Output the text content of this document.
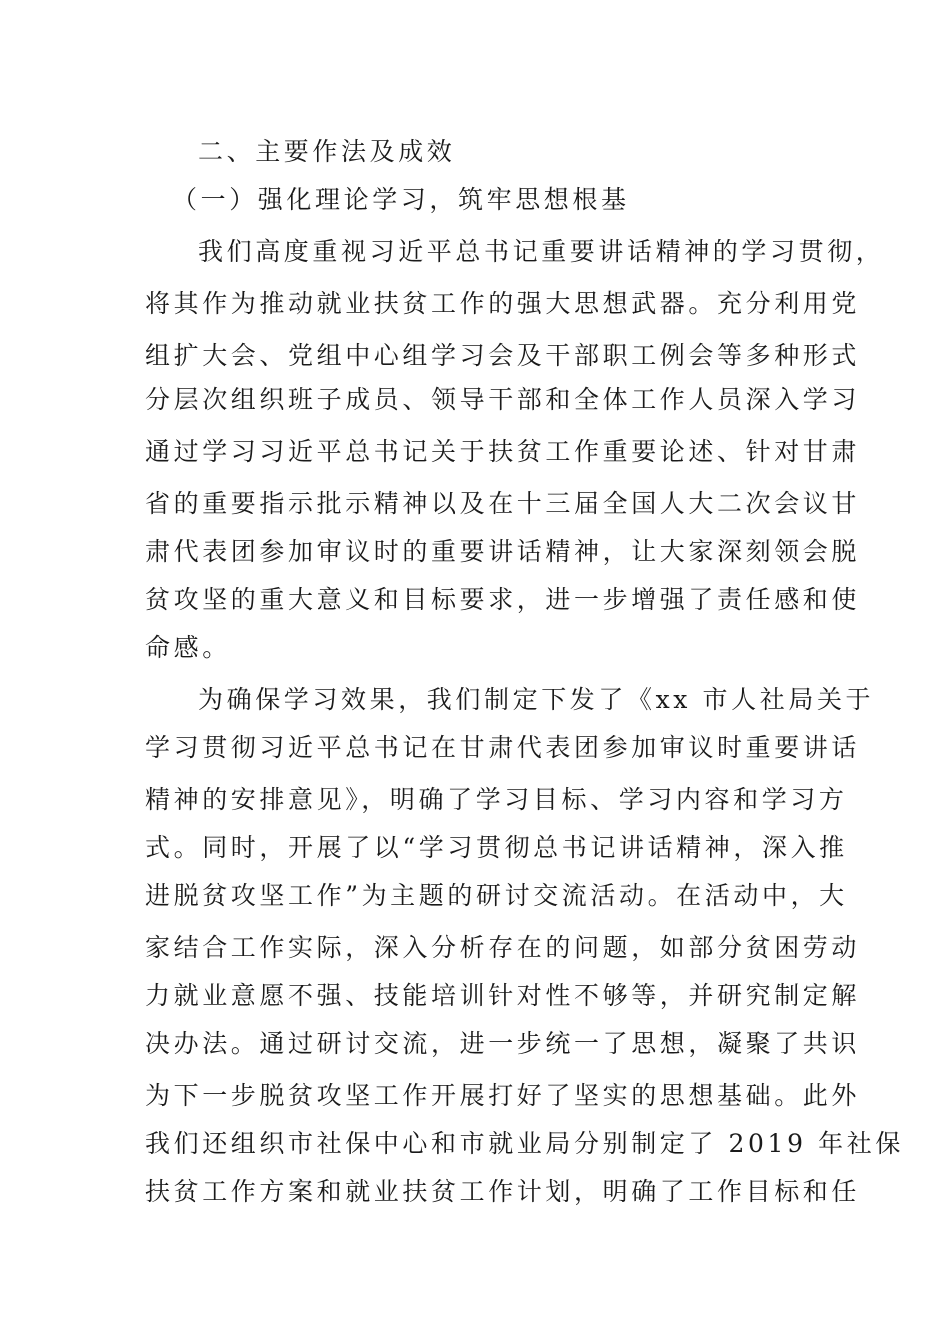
二、主要作法及成效
（一）强化理论学习，筑牢思想根基
我们高度重视习近平总书记重要讲话精神的学习贯彻，
将其作为推动就业扶贫工作的强大思想武器。充分利用党
组扩大会、党组中心组学习会及干部职工例会等多种形式
分层次组织班子成员、领导干部和全体工作人员深入学习
通过学习习近平总书记关于扶贫工作重要论述、针对甘肃
省的重要指示批示精神以及在十三届全国人大二次会议甘
肃代表团参加审议时的重要讲话精神，让大家深刻领会脱
贫攻坚的重大意义和目标要求，进一步增强了责任感和使
命感。
为确保学习效果，我们制定下发了《xx 市人社局关于
学习贯彻习近平总书记在甘肃代表团参加审议时重要讲话
精神的安排意见》，明确了学习目标、学习内容和学习方
式。同时，开展了以“学习贯彻总书记讲话精神，深入推
进脱贫攻坚工作”为主题的研讨交流活动。在活动中，大
家结合工作实际，深入分析存在的问题，如部分贫困劳动
力就业意愿不强、技能培训针对性不够等，并研究制定解
决办法。通过研讨交流，进一步统一了思想，凝聚了共识
为下一步脱贫攻坚工作开展打好了坚实的思想基础。此外
我们还组织市社保中心和市就业局分别制定了 2019 年社保
扶贫工作方案和就业扶贫工作计划，明确了工作目标和任
